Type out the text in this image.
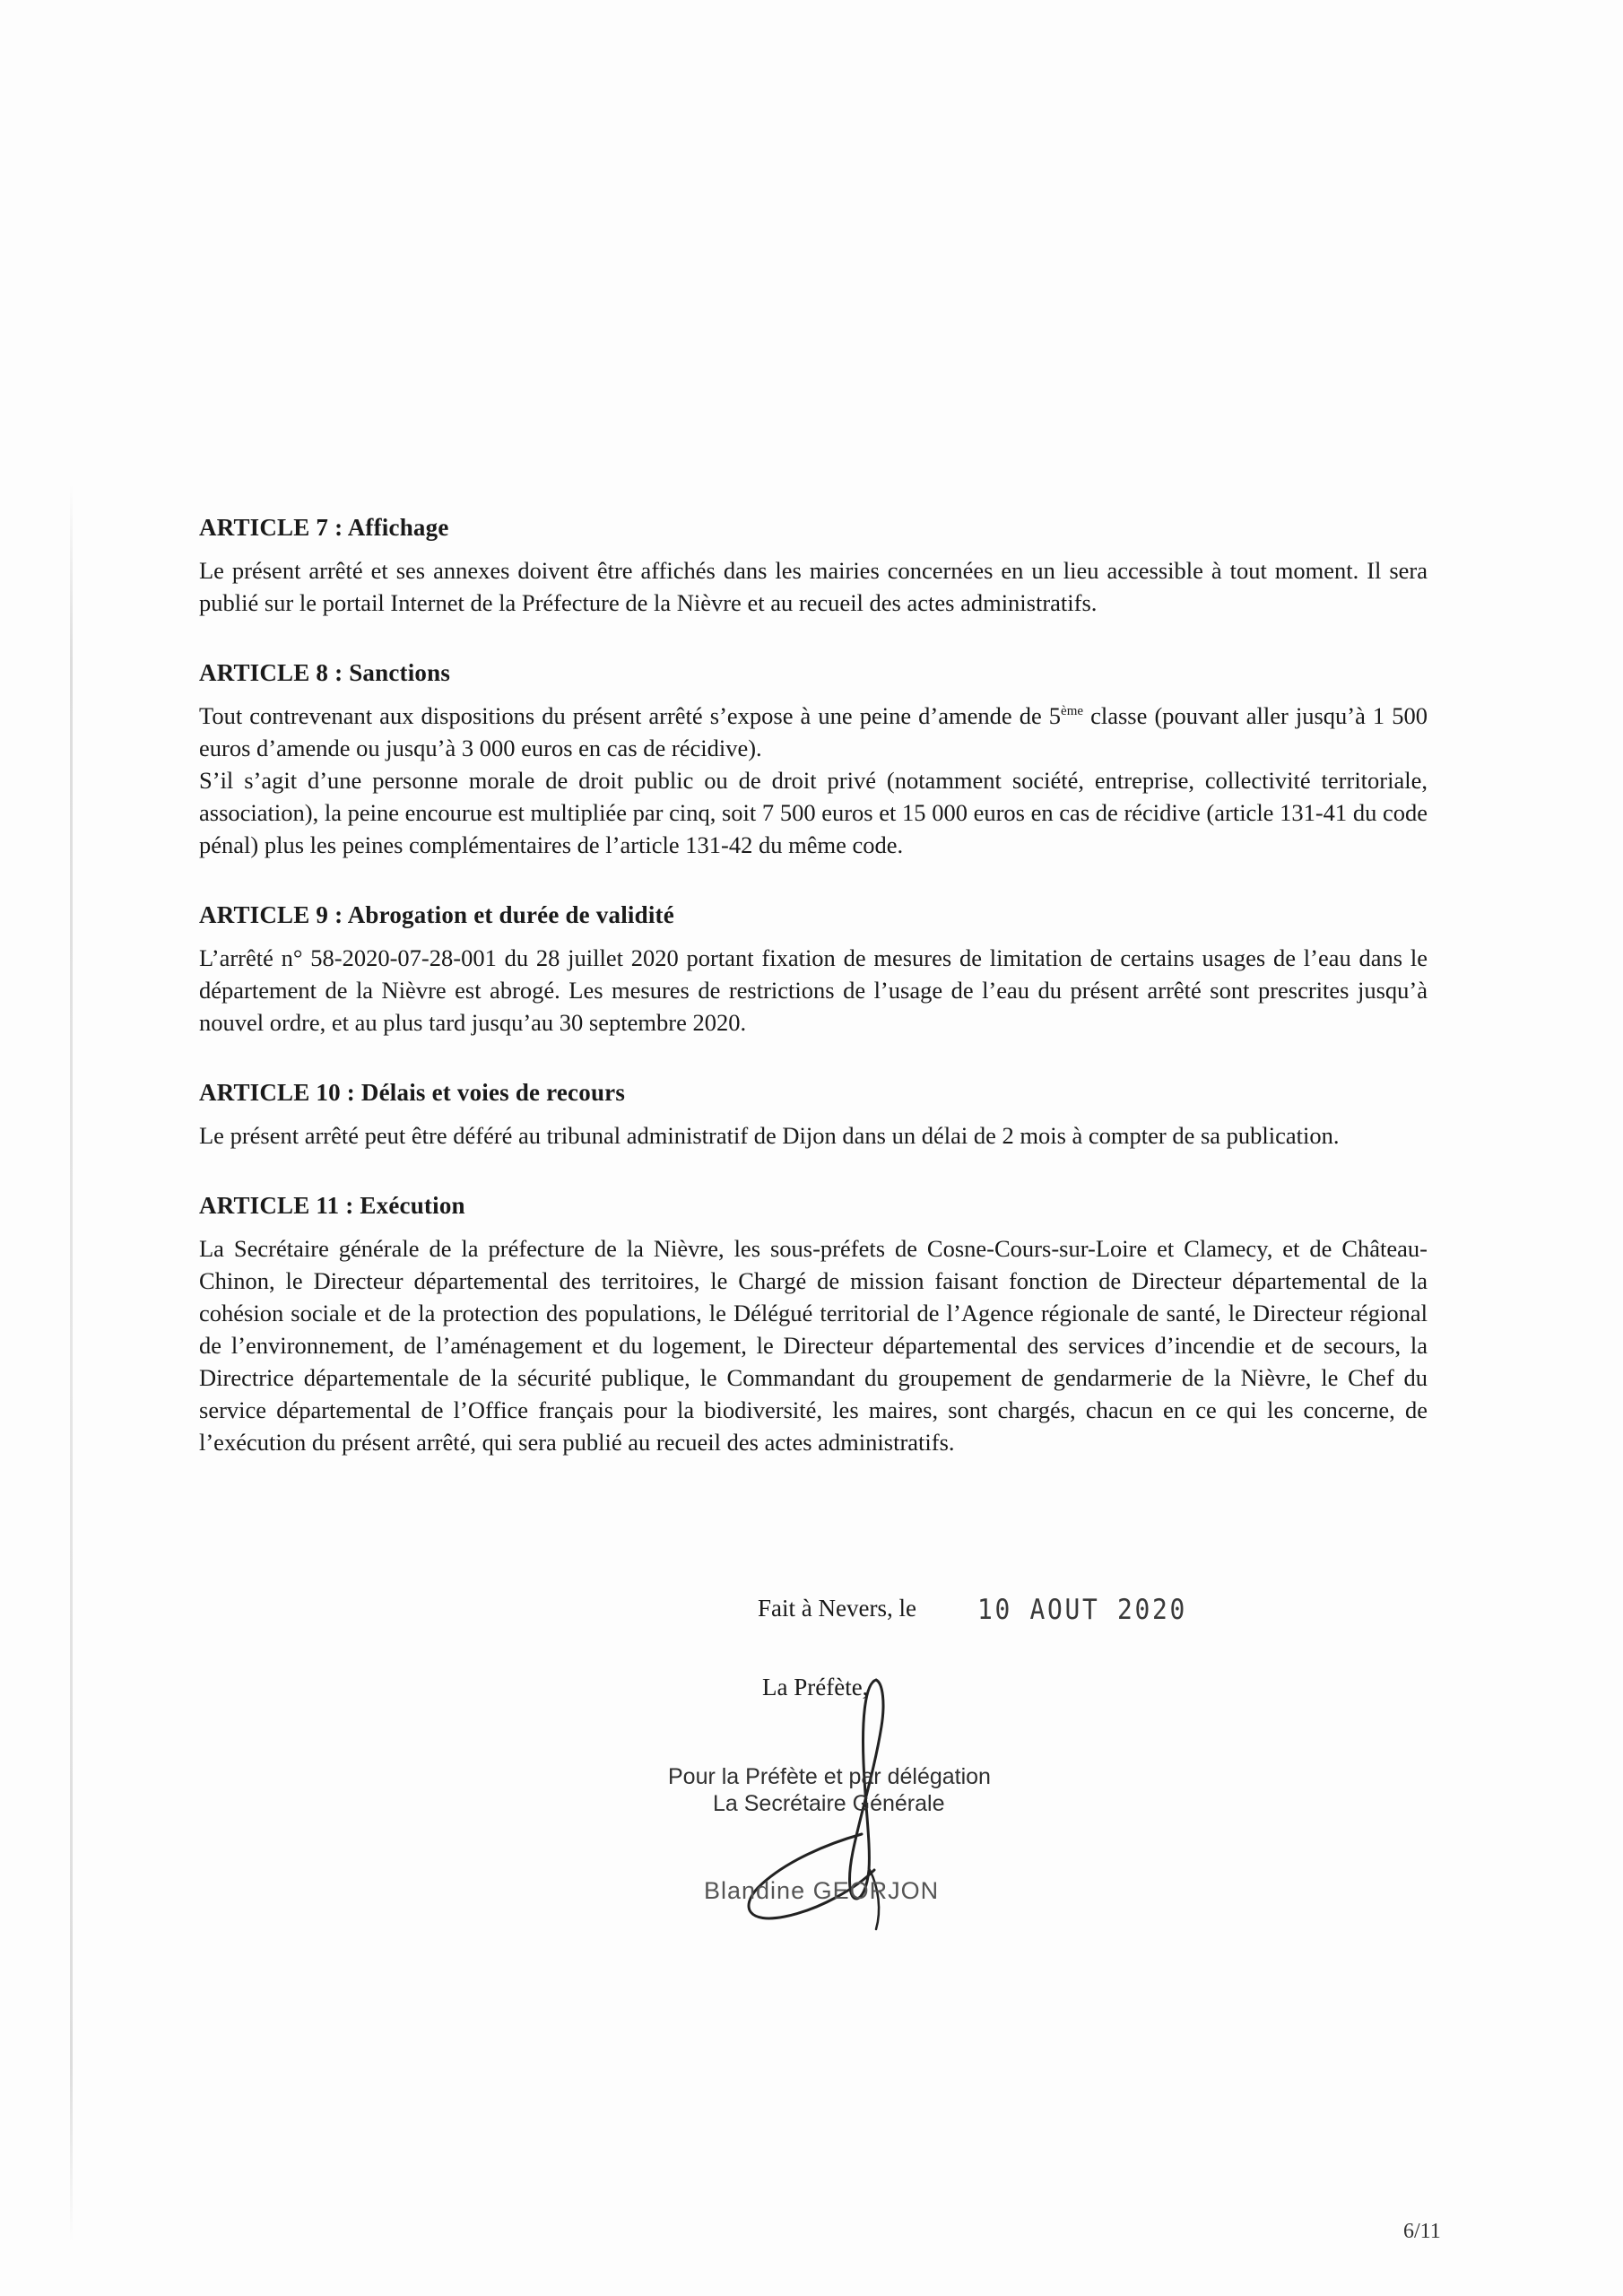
ARTICLE 7 : Affichage

Le présent arrêté et ses annexes doivent être affichés dans les mairies concernées en un lieu accessible à tout moment. Il sera publié sur le portail Internet de la Préfecture de la Nièvre et au recueil des actes administratifs.

ARTICLE 8 : Sanctions

Tout contrevenant aux dispositions du présent arrêté s’expose à une peine d’amende de 5ème classe (pouvant aller jusqu’à 1 500 euros d’amende ou jusqu’à 3 000 euros en cas de récidive).

S’il s’agit d’une personne morale de droit public ou de droit privé (notamment société, entreprise, collectivité territoriale, association), la peine encourue est multipliée par cinq, soit 7 500 euros et 15 000 euros en cas de récidive (article 131-41 du code pénal) plus les peines complémentaires de l’article 131-42 du même code.

ARTICLE 9 : Abrogation et durée de validité

L’arrêté n° 58-2020-07-28-001 du 28 juillet 2020 portant fixation de mesures de limitation de certains usages de l’eau dans le département de la Nièvre est abrogé. Les mesures de restrictions de l’usage de l’eau du présent arrêté sont prescrites jusqu’à nouvel ordre, et au plus tard jusqu’au 30 septembre 2020.

ARTICLE 10 : Délais et voies de recours

Le présent arrêté peut être déféré au tribunal administratif de Dijon dans un délai de 2 mois à compter de sa publication.

ARTICLE 11 : Exécution

La Secrétaire générale de la préfecture de la Nièvre, les sous-préfets de Cosne-Cours-sur-Loire et Clamecy, et de Château-Chinon, le Directeur départemental des territoires, le Chargé de mission faisant fonction de Directeur départemental de la cohésion sociale et de la protection des populations, le Délégué territorial de l’Agence régionale de santé, le Directeur régional de l’environnement, de l’aménagement et du logement, le Directeur départemental des services d’incendie et de secours, la Directrice départementale de la sécurité publique, le Commandant du groupement de gendarmerie de la Nièvre, le Chef du service départemental de l’Office français pour la biodiversité, les maires, sont chargés, chacun en ce qui les concerne, de l’exécution du présent arrêté, qui sera publié au recueil des actes administratifs.

Fait à Nevers, le 10 AOUT 2020
La Préfète,
Pour la Préfète et par délégation
La Secrétaire Générale
Blandine GEORJON
6/11
